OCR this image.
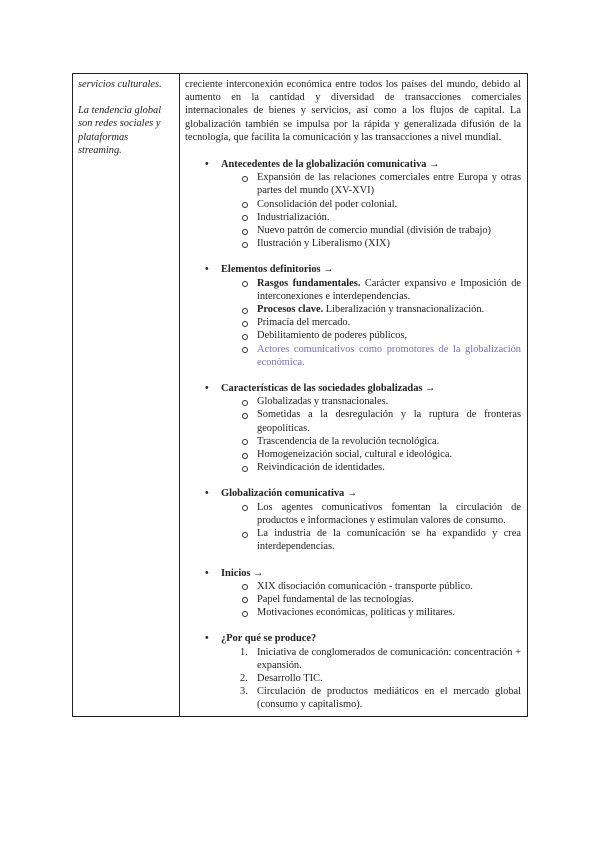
servicios culturales.

La tendencia global son redes sociales y plataformas streaming.

creciente interconexión económica entre todos los países del mundo, debido al aumento en la cantidad y diversidad de transacciones comerciales internacionales de bienes y servicios, así como a los flujos de capital. La globalización también se impulsa por la rápida y generalizada difusión de la tecnología, que facilita la comunicación y las transacciones a nivel mundial.

• Antecedentes de la globalización comunicativa →
Expansión de las relaciones comerciales entre Europa y otras partes del mundo (XV-XVI)
Consolidación del poder colonial.
Industrialización.
Nuevo patrón de comercio mundial (división de trabajo)
Ilustración y Liberalismo (XIX)
• Elementos definitorios →
Rasgos fundamentales. Carácter expansivo e Imposición de interconexiones e interdependencias.
Procesos clave. Liberalización y transnacionalización.
Primacía del mercado.
Debilitamiento de poderes públicos,
Actores comunicativos como promotores de la globalización económica.
• Características de las sociedades globalizadas →
Globalizadas y transnacionales.
Sometidas a la desregulación y la ruptura de fronteras geopolíticas.
Trascendencia de la revolución tecnológica.
Homogeneización social, cultural e ideológica.
Reivindicación de identidades.
• Globalización comunicativa →
Los agentes comunicativos fomentan la circulación de productos e informaciones y estimulan valores de consumo.
La industria de la comunicación se ha expandido y crea interdependencias.
• Inicios →
XIX disociación comunicación - transporte público.
Papel fundamental de las tecnologías.
Motivaciones económicas, políticas y militares.
• ¿Por qué se produce?
1. Iniciativa de conglomerados de comunicación: concentración + expansión.
2. Desarrollo TIC.
3. Circulación de productos mediáticos en el mercado global (consumo y capitalismo).
